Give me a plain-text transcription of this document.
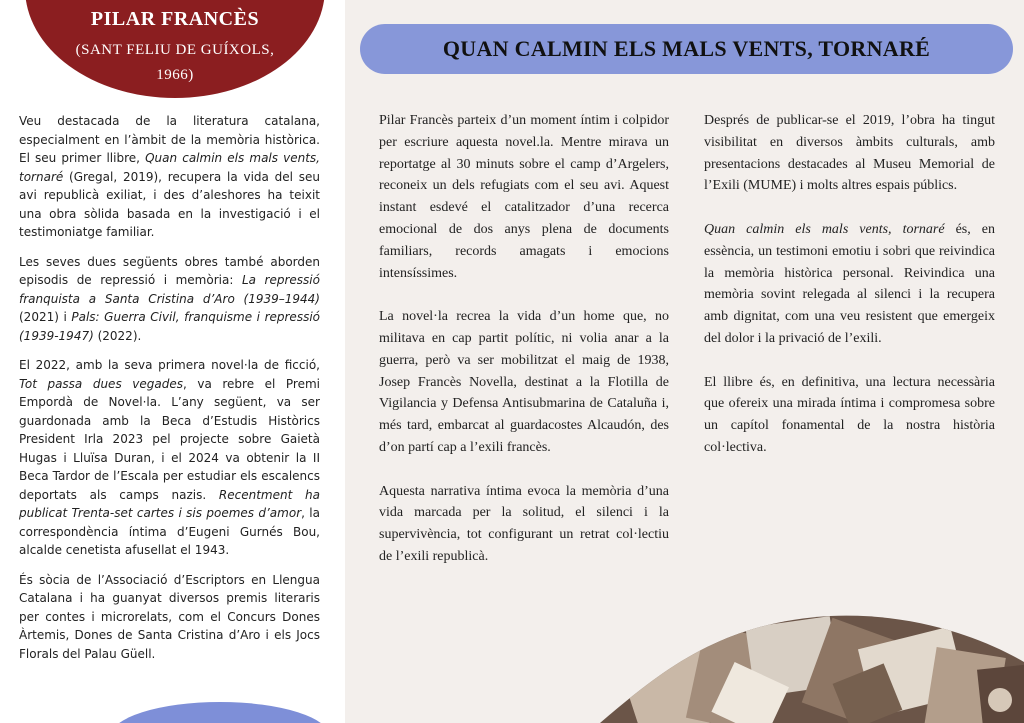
PILAR FRANCÈS
(SANT FELIU DE GUÍXOLS,
1966)

Veu destacada de la literatura catalana, especialment en l’àmbit de la memòria històrica. El seu primer llibre, Quan calmin els mals vents, tornaré (Gregal, 2019), recupera la vida del seu avi republicà exiliat, i des d’aleshores ha teixit una obra sòlida basada en la investigació i el testimoniatge familiar.

Les seves dues següents obres també aborden episodis de repressió i memòria: La repressió franquista a Santa Cristina d’Aro (1939–1944) (2021) i Pals: Guerra Civil, franquisme i repressió (1939-1947) (2022).

El 2022, amb la seva primera novel·la de ficció, Tot passa dues vegades, va rebre el Premi Empordà de Novel·la. L’any següent, va ser guardonada amb la Beca d’Estudis Històrics President Irla 2023 pel projecte sobre Gaietà Hugas i Lluïsa Duran, i el 2024 va obtenir la II Beca Tardor de l’Escala per estudiar els escalencs deportats als camps nazis. Recentment ha publicat Trenta-set cartes i sis poemes d’amor, la correspondència íntima d’Eugeni Gurnés Bou, alcalde cenetista afusellat el 1943.

És sòcia de l’Associació d’Escriptors en Llengua Catalana i ha guanyat diversos premis literaris per contes i microrelats, com el Concurs Dones Àrtemis, Dones de Santa Cristina d’Aro i els Jocs Florals del Palau Güell.

QUAN CALMIN ELS MALS VENTS, TORNARÉ

Pilar Francès parteix d’un moment íntim i colpidor per escriure aquesta novel.la. Mentre mirava un reportatge al 30 minuts sobre el camp d’Argelers, reconeix un dels refugiats com el seu avi. Aquest instant esdevé el catalitzador d’una recerca emocional de dos anys plena de documents familiars, records amagats i emocions intensíssimes.

La novel·la recrea la vida d’un home que, no militava en cap partit polític, ni volia anar a la guerra, però va ser mobilitzat el maig de 1938, Josep Francès Novella, destinat a la Flotilla de Vigilancia y Defensa Antisubmarina de Cataluña i, més tard, embarcat al guardacostes Alcaudón, des d’on partí cap a l’exili francès.

Aquesta narrativa íntima evoca la memòria d’una vida marcada per la solitud, el silenci i la supervivència, tot configurant un retrat col·lectiu de l’exili republicà.

Després de publicar-se el 2019, l’obra ha tingut visibilitat en diversos àmbits culturals, amb presentacions destacades al Museu Memorial de l’Exili (MUME) i molts altres espais públics.

Quan calmin els mals vents, tornaré és, en essència, un testimoni emotiu i sobri que reivindica la memòria històrica personal. Reivindica una memòria sovint relegada al silenci i la recupera amb dignitat, com una veu resistent que emergeix del dolor i la privació de l’exili.

El llibre és, en definitiva, una lectura necessària que ofereix una mirada íntima i compromesa sobre un capítol fonamental de la nostra història col·lectiva.
